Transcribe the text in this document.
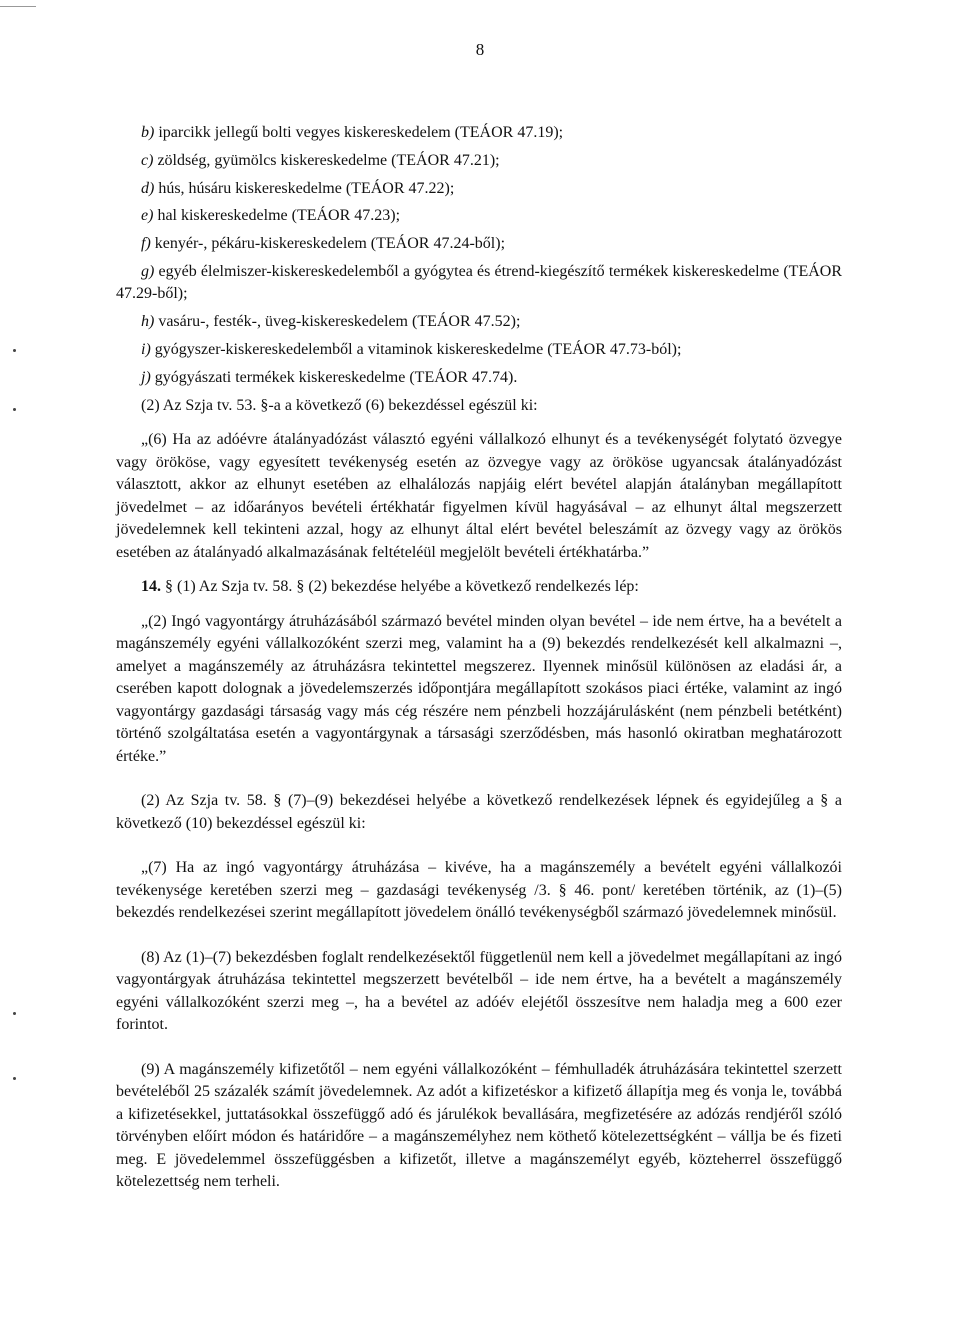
8

b) iparcikk jellegű bolti vegyes kiskereskedelem (TEÁOR 47.19);

c) zöldség, gyümölcs kiskereskedelme (TEÁOR 47.21);

d) hús, húsáru kiskereskedelme (TEÁOR 47.22);

e) hal kiskereskedelme (TEÁOR 47.23);

f) kenyér-, pékáru-kiskereskedelem (TEÁOR 47.24-ből);

g) egyéb élelmiszer-kiskereskedelemből a gyógytea és étrend-kiegészítő termékek kiskereskedelme (TEÁOR 47.29-ből);

h) vasáru-, festék-, üveg-kiskereskedelem (TEÁOR 47.52);

i) gyógyszer-kiskereskedelemből a vitaminok kiskereskedelme (TEÁOR 47.73-ból);

j) gyógyászati termékek kiskereskedelme (TEÁOR 47.74).

(2) Az Szja tv. 53. §-a a következő (6) bekezdéssel egészül ki:

„(6) Ha az adóévre átalányadózást választó egyéni vállalkozó elhunyt és a tevékenységét folytató özvegye vagy örököse, vagy egyesített tevékenység esetén az özvegye vagy az örököse ugyancsak átalányadózást választott, akkor az elhunyt esetében az elhalálozás napjáig elért bevétel alapján átalányban megállapított jövedelmet – az időarányos bevételi értékhatár figyelmen kívül hagyásával – az elhunyt által megszerzett jövedelemnek kell tekinteni azzal, hogy az elhunyt által elért bevétel beleszámít az özvegy vagy az örökös esetében az átalányadó alkalmazásának feltételéül megjelölt bevételi értékhatárba.”

14. § (1) Az Szja tv. 58. § (2) bekezdése helyébe a következő rendelkezés lép:

„(2) Ingó vagyontárgy átruházásából származó bevétel minden olyan bevétel – ide nem értve, ha a bevételt a magánszemély egyéni vállalkozóként szerzi meg, valamint ha a (9) bekezdés rendelkezését kell alkalmazni –, amelyet a magánszemély az átruházásra tekintettel megszerez. Ilyennek minősül különösen az eladási ár, a cserében kapott dolognak a jövedelemszerzés időpontjára megállapított szokásos piaci értéke, valamint az ingó vagyontárgy gazdasági társaság vagy más cég részére nem pénzbeli hozzájárulásként (nem pénzbeli betétként) történő szolgáltatása esetén a vagyontárgynak a társasági szerződésben, más hasonló okiratban meghatározott értéke.”

(2) Az Szja tv. 58. § (7)–(9) bekezdései helyébe a következő rendelkezések lépnek és egyidejűleg a § a következő (10) bekezdéssel egészül ki:

„(7) Ha az ingó vagyontárgy átruházása – kivéve, ha a magánszemély a bevételt egyéni vállalkozói tevékenysége keretében szerzi meg – gazdasági tevékenység /3. § 46. pont/ keretében történik, az (1)–(5) bekezdés rendelkezései szerint megállapított jövedelem önálló tevékenységből származó jövedelemnek minősül.

(8) Az (1)–(7) bekezdésben foglalt rendelkezésektől függetlenül nem kell a jövedelmet megállapítani az ingó vagyontárgyak átruházása tekintettel megszerzett bevételből – ide nem értve, ha a bevételt a magánszemély egyéni vállalkozóként szerzi meg –, ha a bevétel az adóév elejétől összesítve nem haladja meg a 600 ezer forintot.

(9) A magánszemély kifizetőtől – nem egyéni vállalkozóként – fémhulladék átruházására tekintettel szerzett bevételéből 25 százalék számít jövedelemnek. Az adót a kifizetéskor a kifizető állapítja meg és vonja le, továbbá a kifizetésekkel, juttatásokkal összefüggő adó és járulékok bevallására, megfizetésére az adózás rendjéről szóló törvényben előírt módon és határidőre – a magánszemélyhez nem köthető kötelezettségként – vállja be és fizeti meg. E jövedelemmel összefüggésben a kifizetőt, illetve a magánszemélyt egyéb, közteherrel összefüggő kötelezettség nem terheli.
